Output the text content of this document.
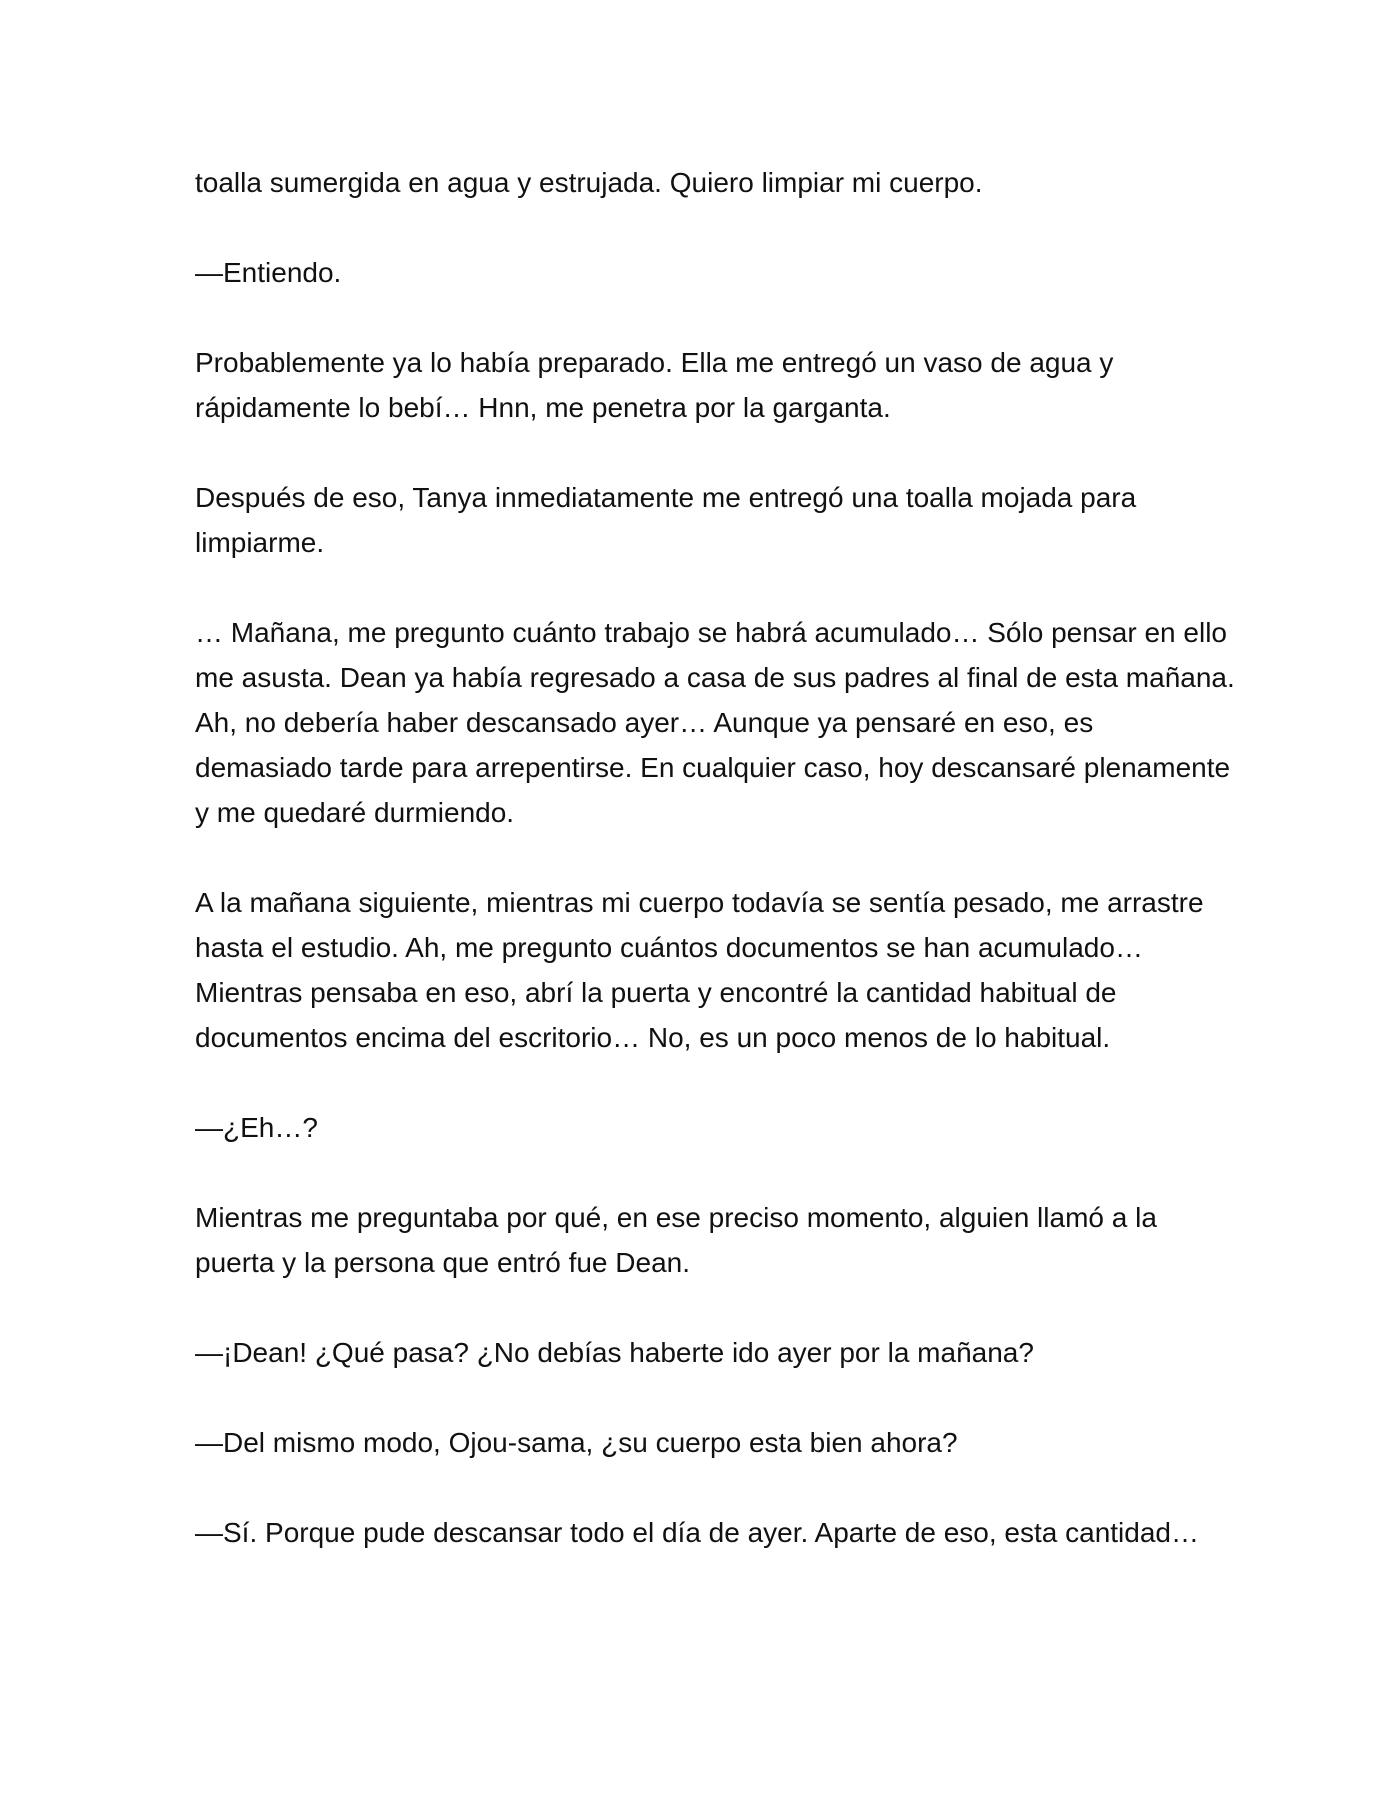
toalla sumergida en agua y estrujada. Quiero limpiar mi cuerpo.

—Entiendo.

Probablemente ya lo había preparado. Ella me entregó un vaso de agua y rápidamente lo bebí… Hnn, me penetra por la garganta.

Después de eso, Tanya inmediatamente me entregó una toalla mojada para limpiarme.

… Mañana, me pregunto cuánto trabajo se habrá acumulado… Sólo pensar en ello me asusta. Dean ya había regresado a casa de sus padres al final de esta mañana. Ah, no debería haber descansado ayer… Aunque ya pensaré en eso, es demasiado tarde para arrepentirse. En cualquier caso, hoy descansaré plenamente y me quedaré durmiendo.

A la mañana siguiente, mientras mi cuerpo todavía se sentía pesado, me arrastre hasta el estudio. Ah, me pregunto cuántos documentos se han acumulado… Mientras pensaba en eso, abrí la puerta y encontré la cantidad habitual de documentos encima del escritorio… No, es un poco menos de lo habitual.

—¿Eh…?

Mientras me preguntaba por qué, en ese preciso momento, alguien llamó a la puerta y la persona que entró fue Dean.

—¡Dean! ¿Qué pasa? ¿No debías haberte ido ayer por la mañana?

—Del mismo modo, Ojou-sama, ¿su cuerpo esta bien ahora?

—Sí. Porque pude descansar todo el día de ayer. Aparte de eso, esta cantidad…
